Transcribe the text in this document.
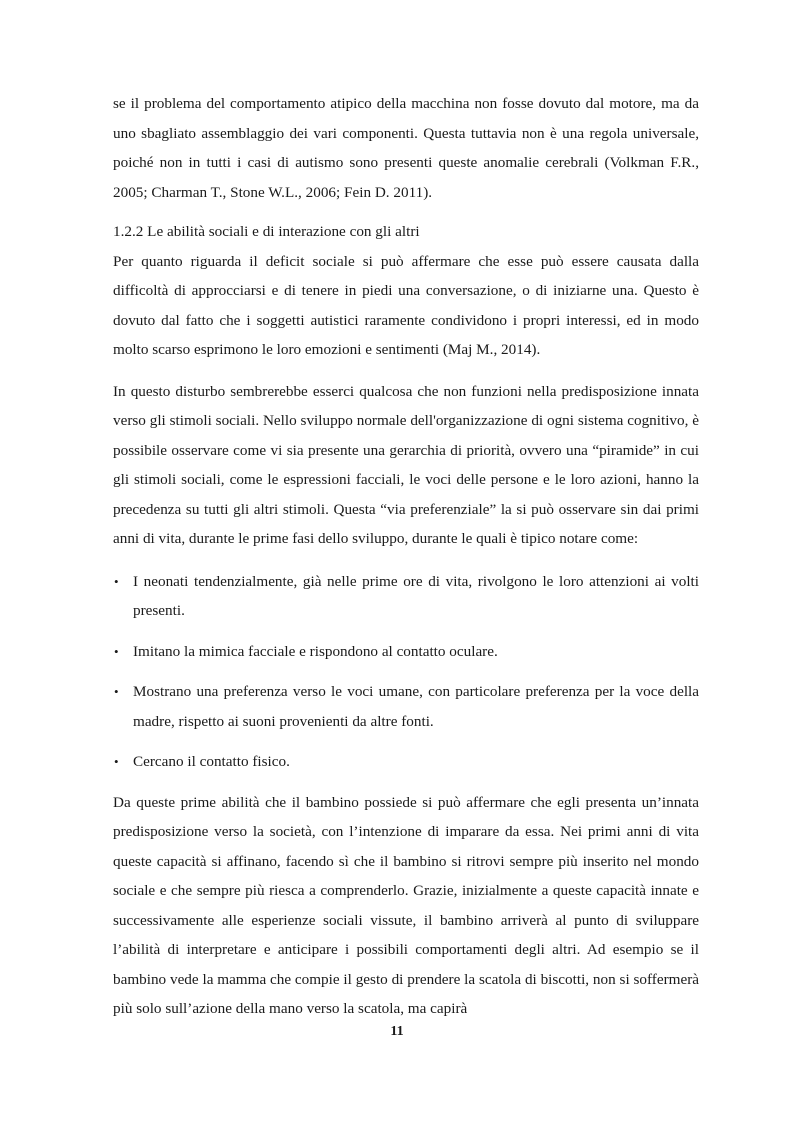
se il problema del comportamento atipico della macchina non fosse dovuto dal motore, ma da uno sbagliato assemblaggio dei vari componenti. Questa tuttavia non è una regola universale, poiché non in tutti i casi di autismo sono presenti queste anomalie cerebrali (Volkman F.R., 2005; Charman T., Stone W.L., 2006; Fein D. 2011).

1.2.2 Le abilità sociali e di interazione con gli altri

Per quanto riguarda il deficit sociale si può affermare che esse può essere causata dalla difficoltà di approcciarsi e di tenere in piedi una conversazione, o di iniziarne una. Questo è dovuto dal fatto che i soggetti autistici raramente condividono i propri interessi, ed in modo molto scarso esprimono le loro emozioni e sentimenti (Maj M., 2014).

In questo disturbo sembrerebbe esserci qualcosa che non funzioni nella predisposizione innata verso gli stimoli sociali. Nello sviluppo normale dell'organizzazione di ogni sistema cognitivo, è possibile osservare come vi sia presente una gerarchia di priorità, ovvero una “piramide” in cui gli stimoli sociali, come le espressioni facciali, le voci delle persone e le loro azioni, hanno la precedenza su tutti gli altri stimoli. Questa “via preferenziale” la si può osservare sin dai primi anni di vita, durante le prime fasi dello sviluppo, durante le quali è tipico notare come:

• I neonati tendenzialmente, già nelle prime ore di vita, rivolgono le loro attenzioni ai volti presenti.

• Imitano la mimica facciale e rispondono al contatto oculare.

• Mostrano una preferenza verso le voci umane, con particolare preferenza per la voce della madre, rispetto ai suoni provenienti da altre fonti.

• Cercano il contatto fisico.

Da queste prime abilità che il bambino possiede si può affermare che egli presenta un’innata predisposizione verso la società, con l’intenzione di imparare da essa. Nei primi anni di vita queste capacità si affinano, facendo sì che il bambino si ritrovi sempre più inserito nel mondo sociale e che sempre più riesca a comprenderlo. Grazie, inizialmente a queste capacità innate e successivamente alle esperienze sociali vissute, il bambino arriverà al punto di sviluppare l’abilità di interpretare e anticipare i possibili comportamenti degli altri. Ad esempio se il bambino vede la mamma che compie il gesto di prendere la scatola di biscotti, non si soffermerà più solo sull’azione della mano verso la scatola, ma capirà

11
